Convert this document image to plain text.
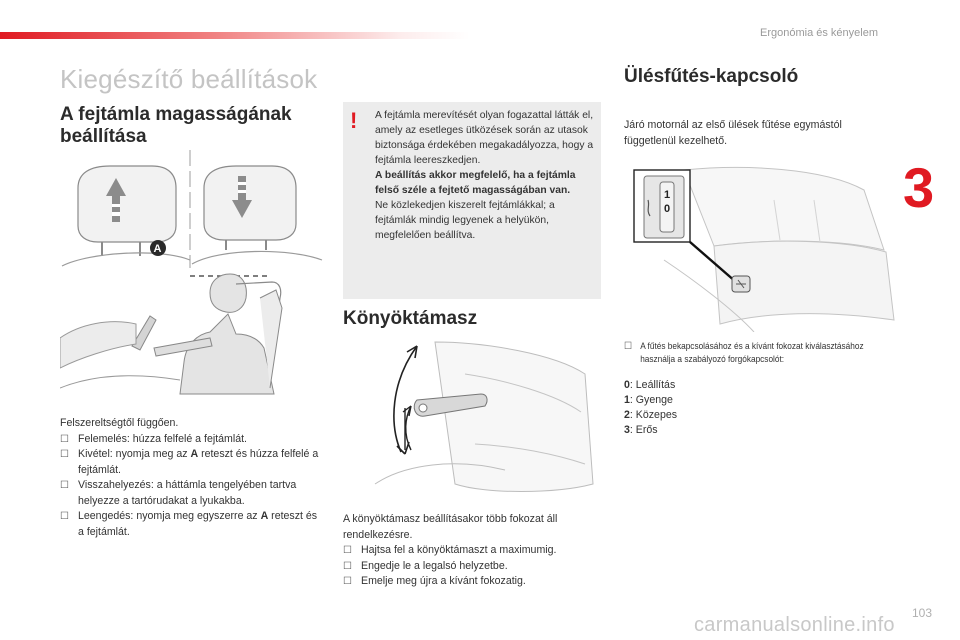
Ergonómia és kényelem
3
Kiegészítő beállítások
A fejtámla magasságának
beállítása
A

Felszereltségtől függően.

☐ Felemelés: húzza felfelé a fejtámlát.
☐ Kivétel: nyomja meg az A reteszt és húzza felfelé a fejtámlát.
☐ Visszahelyezés: a háttámla tengelyében tartva helyezze a tartórudakat a lyukakba.
☐ Leengedés: nyomja meg egyszerre az A reteszt és a fejtámlát.
! A fejtámla merevítését olyan fogazattal látták el, amely az esetleges ütközések során az utasok biztonsága érdekében megakadályozza, hogy a fejtámla leereszkedjen.

A beállítás akkor megfelelő, ha a fejtámla felső széle a fejtető magasságában van.

Ne közlekedjen kiszerelt fejtámlákkal; a fejtámlák mindig legyenek a helyükön, megfelelően beállítva.

Könyöktámasz

A könyöktámasz beállításakor több fokozat áll rendelkezésre.

☐ Hajtsa fel a könyöktámaszt a maximumig.
☐ Engedje le a legalsó helyzetbe.
☐ Emelje meg újra a kívánt fokozatig.
Ülésfűtés-kapcsoló
Járó motornál az első ülések fűtése egymástól függetlenül kezelhető.
1
0
☐ A fűtés bekapcsolásához és a kívánt fokozat kiválasztásához használja a szabályozó forgókapcsolót:
0: Leállítás
1: Gyenge
2: Közepes
3: Erős
103
carmanualsonline.info
